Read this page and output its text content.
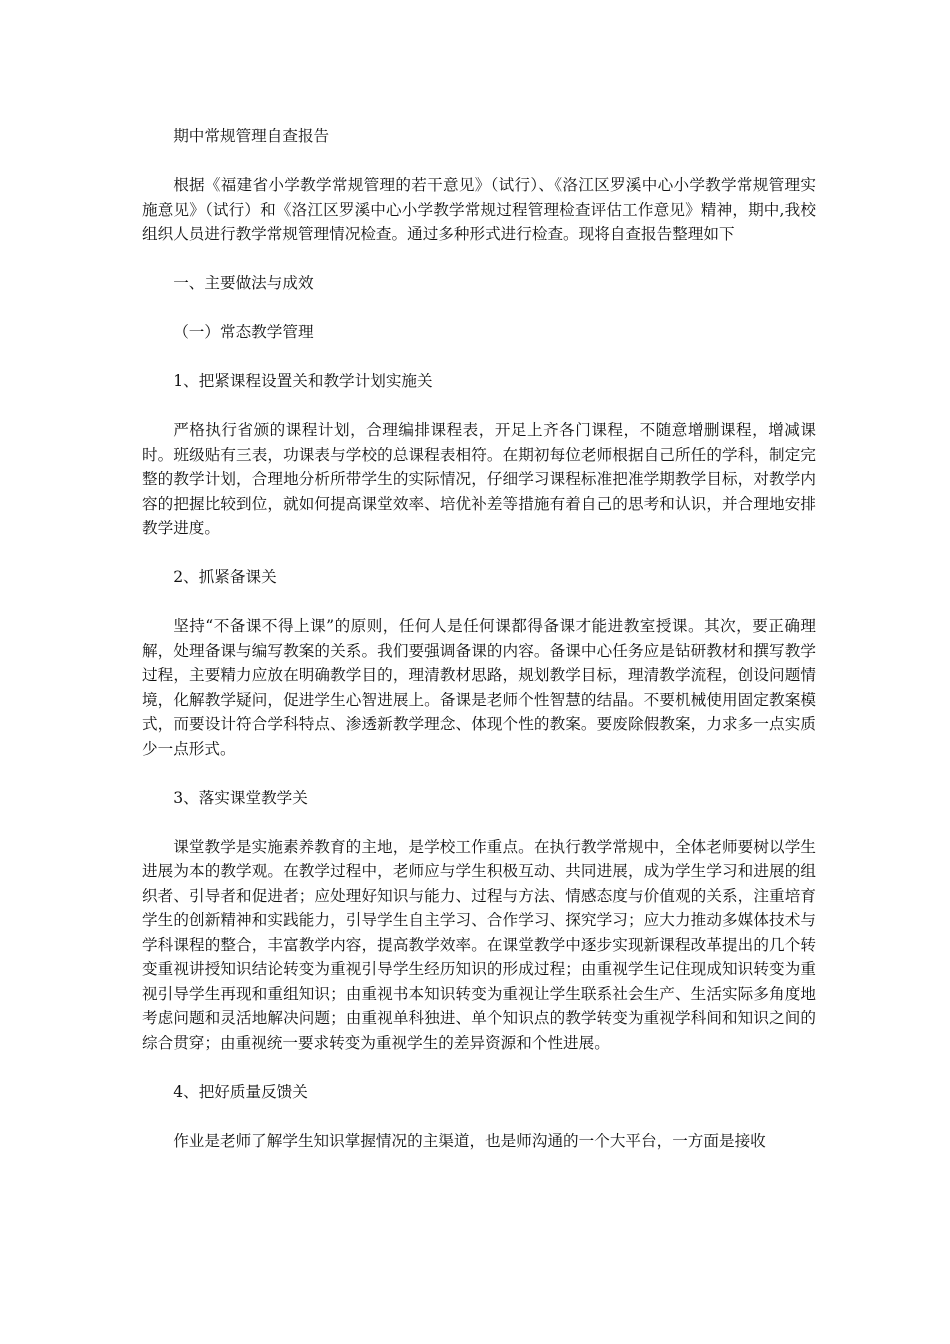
期中常规管理自查报告

根据《福建省小学教学常规管理的若干意见》（试行）、《洛江区罗溪中心小学教学常规管理实施意见》（试行）和《洛江区罗溪中心小学教学常规过程管理检查评估工作意见》精神，期中,我校组织人员进行教学常规管理情况检查。通过多种形式进行检查。现将自查报告整理如下

一、主要做法与成效

（一）常态教学管理

1、把紧课程设置关和教学计划实施关

严格执行省颁的课程计划，合理编排课程表，开足上齐各门课程，不随意增删课程，增减课时。班级贴有三表，功课表与学校的总课程表相符。在期初每位老师根据自己所任的学科，制定完整的教学计划，合理地分析所带学生的实际情况，仔细学习课程标准把准学期教学目标，对教学内容的把握比较到位，就如何提高课堂效率、培优补差等措施有着自己的思考和认识，并合理地安排教学进度。

2、抓紧备课关

坚持“不备课不得上课”的原则，任何人是任何课都得备课才能进教室授课。其次，要正确理解，处理备课与编写教案的关系。我们要强调备课的内容。备课中心任务应是钻研教材和撰写教学过程，主要精力应放在明确教学目的，理清教材思路，规划教学目标，理清教学流程，创设问题情境，化解教学疑问，促进学生心智进展上。备课是老师个性智慧的结晶。不要机械使用固定教案模式，而要设计符合学科特点、渗透新教学理念、体现个性的教案。要废除假教案，力求多一点实质少一点形式。

3、落实课堂教学关

课堂教学是实施素养教育的主地，是学校工作重点。在执行教学常规中，全体老师要树以学生进展为本的教学观。在教学过程中，老师应与学生积极互动、共同进展，成为学生学习和进展的组织者、引导者和促进者；应处理好知识与能力、过程与方法、情感态度与价值观的关系，注重培育学生的创新精神和实践能力，引导学生自主学习、合作学习、探究学习；应大力推动多媒体技术与学科课程的整合，丰富教学内容，提高教学效率。在课堂教学中逐步实现新课程改革提出的几个转变重视讲授知识结论转变为重视引导学生经历知识的形成过程；由重视学生记住现成知识转变为重视引导学生再现和重组知识；由重视书本知识转变为重视让学生联系社会生产、生活实际多角度地考虑问题和灵活地解决问题；由重视单科独进、单个知识点的教学转变为重视学科间和知识之间的综合贯穿；由重视统一要求转变为重视学生的差异资源和个性进展。

4、把好质量反馈关

作业是老师了解学生知识掌握情况的主渠道，也是师沟通的一个大平台，一方面是接收
